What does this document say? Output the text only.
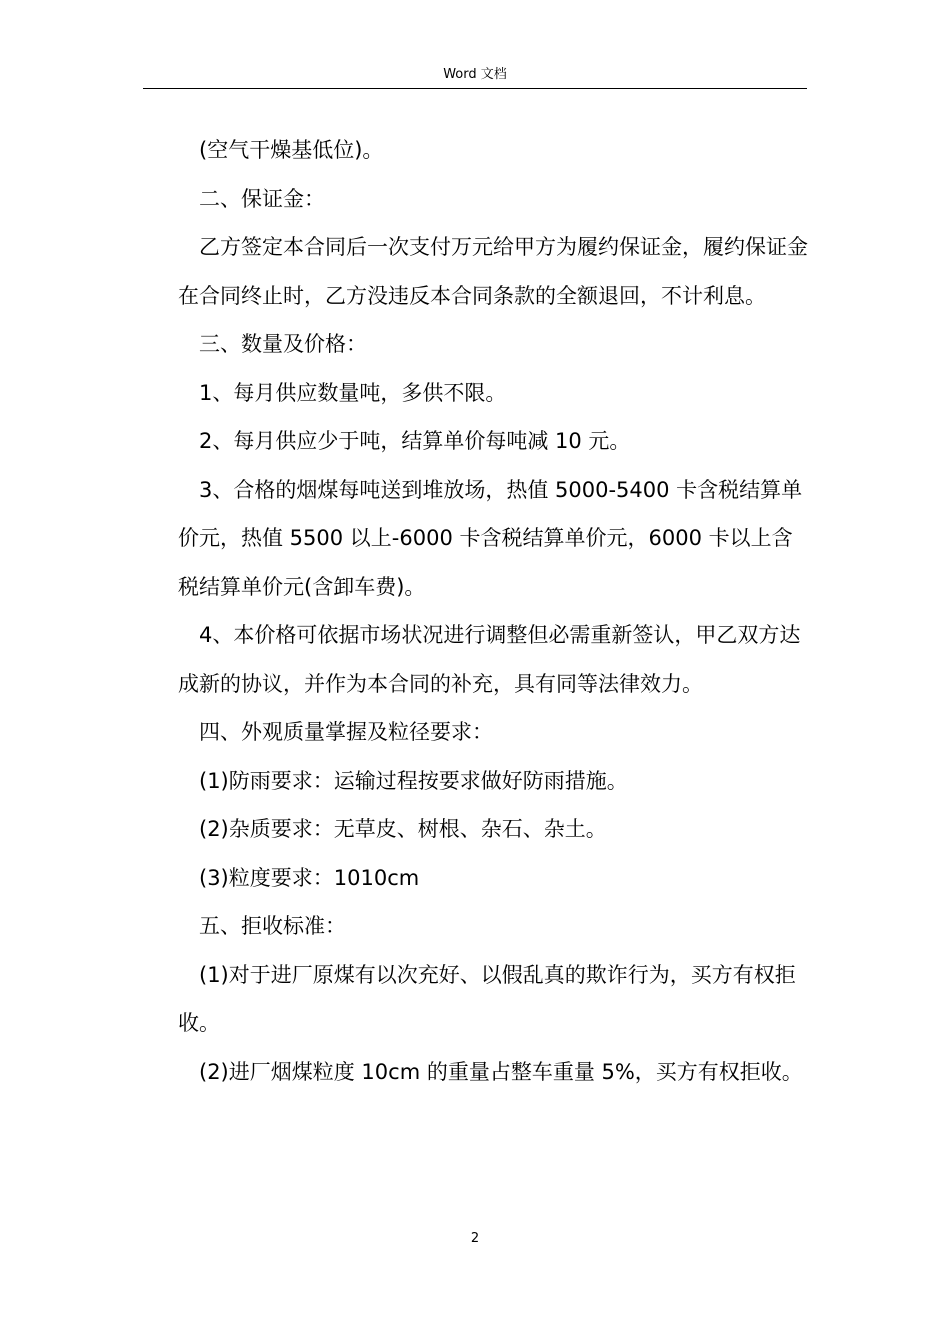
Word 文档

(空气干燥基低位)。

二、保证金：

乙方签定本合同后一次支付万元给甲方为履约保证金，履约保证金在合同终止时，乙方没违反本合同条款的全额退回，不计利息。

三、数量及价格：

1、每月供应数量吨，多供不限。

2、每月供应少于吨，结算单价每吨减 10 元。

3、合格的烟煤每吨送到堆放场，热值 5000-5400 卡含税结算单价元，热值 5500 以上-6000 卡含税结算单价元，6000 卡以上含税结算单价元(含卸车费)。

4、本价格可依据市场状况进行调整但必需重新签认，甲乙双方达成新的协议，并作为本合同的补充，具有同等法律效力。

四、外观质量掌握及粒径要求：

(1)防雨要求：运输过程按要求做好防雨措施。

(2)杂质要求：无草皮、树根、杂石、杂土。

(3)粒度要求：1010cm

五、拒收标准：

(1)对于进厂原煤有以次充好、以假乱真的欺诈行为，买方有权拒收。

(2)进厂烟煤粒度 10cm 的重量占整车重量 5%，买方有权拒收。

2
